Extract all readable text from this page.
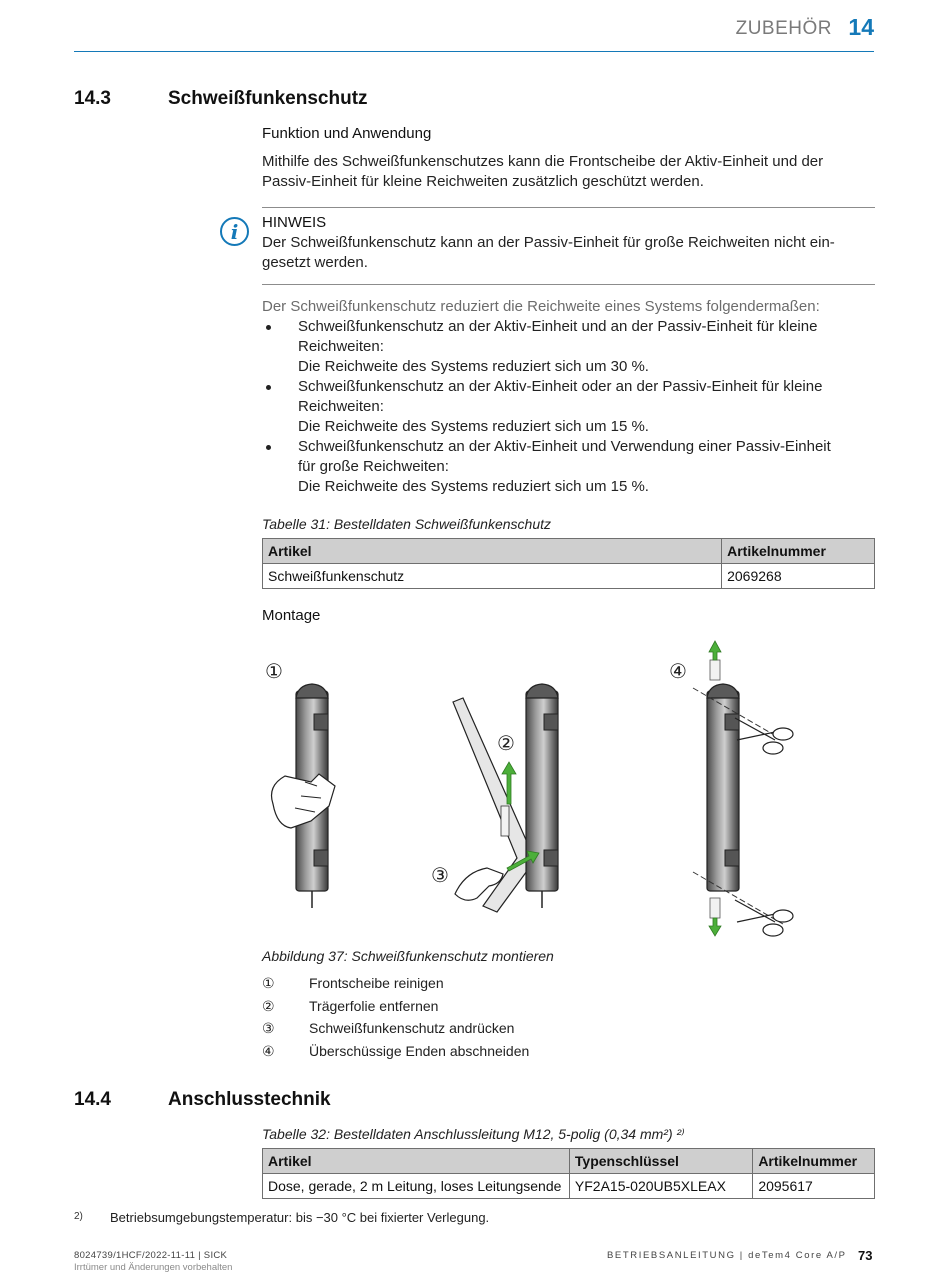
ZUBEHÖR 14
14.3	Schweißfunkenschutz
Funktion und Anwendung
Mithilfe des Schweißfunkenschutzes kann die Frontscheibe der Aktiv-Einheit und der Passiv-Einheit für kleine Reichweiten zusätzlich geschützt werden.
i	HINWEIS
Der Schweißfunkenschutz kann an der Passiv-Einheit für große Reichweiten nicht ein-gesetzt werden.
Der Schweißfunkenschutz reduziert die Reichweite eines Systems folgendermaßen:
Schweißfunkenschutz an der Aktiv-Einheit und an der Passiv-Einheit für kleine
Reichweiten:
Die Reichweite des Systems reduziert sich um 30 %.
Schweißfunkenschutz an der Aktiv-Einheit oder an der Passiv-Einheit für kleine
Reichweiten:
Die Reichweite des Systems reduziert sich um 15 %.
Schweißfunkenschutz an der Aktiv-Einheit und Verwendung einer Passiv-Einheit
für große Reichweiten:
Die Reichweite des Systems reduziert sich um 15 %.
Tabelle 31: Bestelldaten Schweißfunkenschutz
Artikel	Artikelnummer
Schweißfunkenschutz	2069268
Montage
①
②
③
④
Abbildung 37: Schweißfunkenschutz montieren
① Frontscheibe reinigen
② Trägerfolie entfernen
③ Schweißfunkenschutz andrücken
④ Überschüssige Enden abschneiden
14.4	Anschlusstechnik
Tabelle 32: Bestelldaten Anschlussleitung M12, 5-polig (0,34 mm²) ²⁾
Artikel	Typenschlüssel	Artikelnummer
Dose, gerade, 2 m Leitung, loses Leitungsende	YF2A15-020UB5XLEAX	2095617
2) Betriebsumgebungstemperatur: bis −30 °C bei fixierter Verlegung.
8024739/1HCF/2022-11-11 | SICK
Irrtümer und Änderungen vorbehalten
BETRIEBSANLEITUNG | deTem4 Core A/P 73
